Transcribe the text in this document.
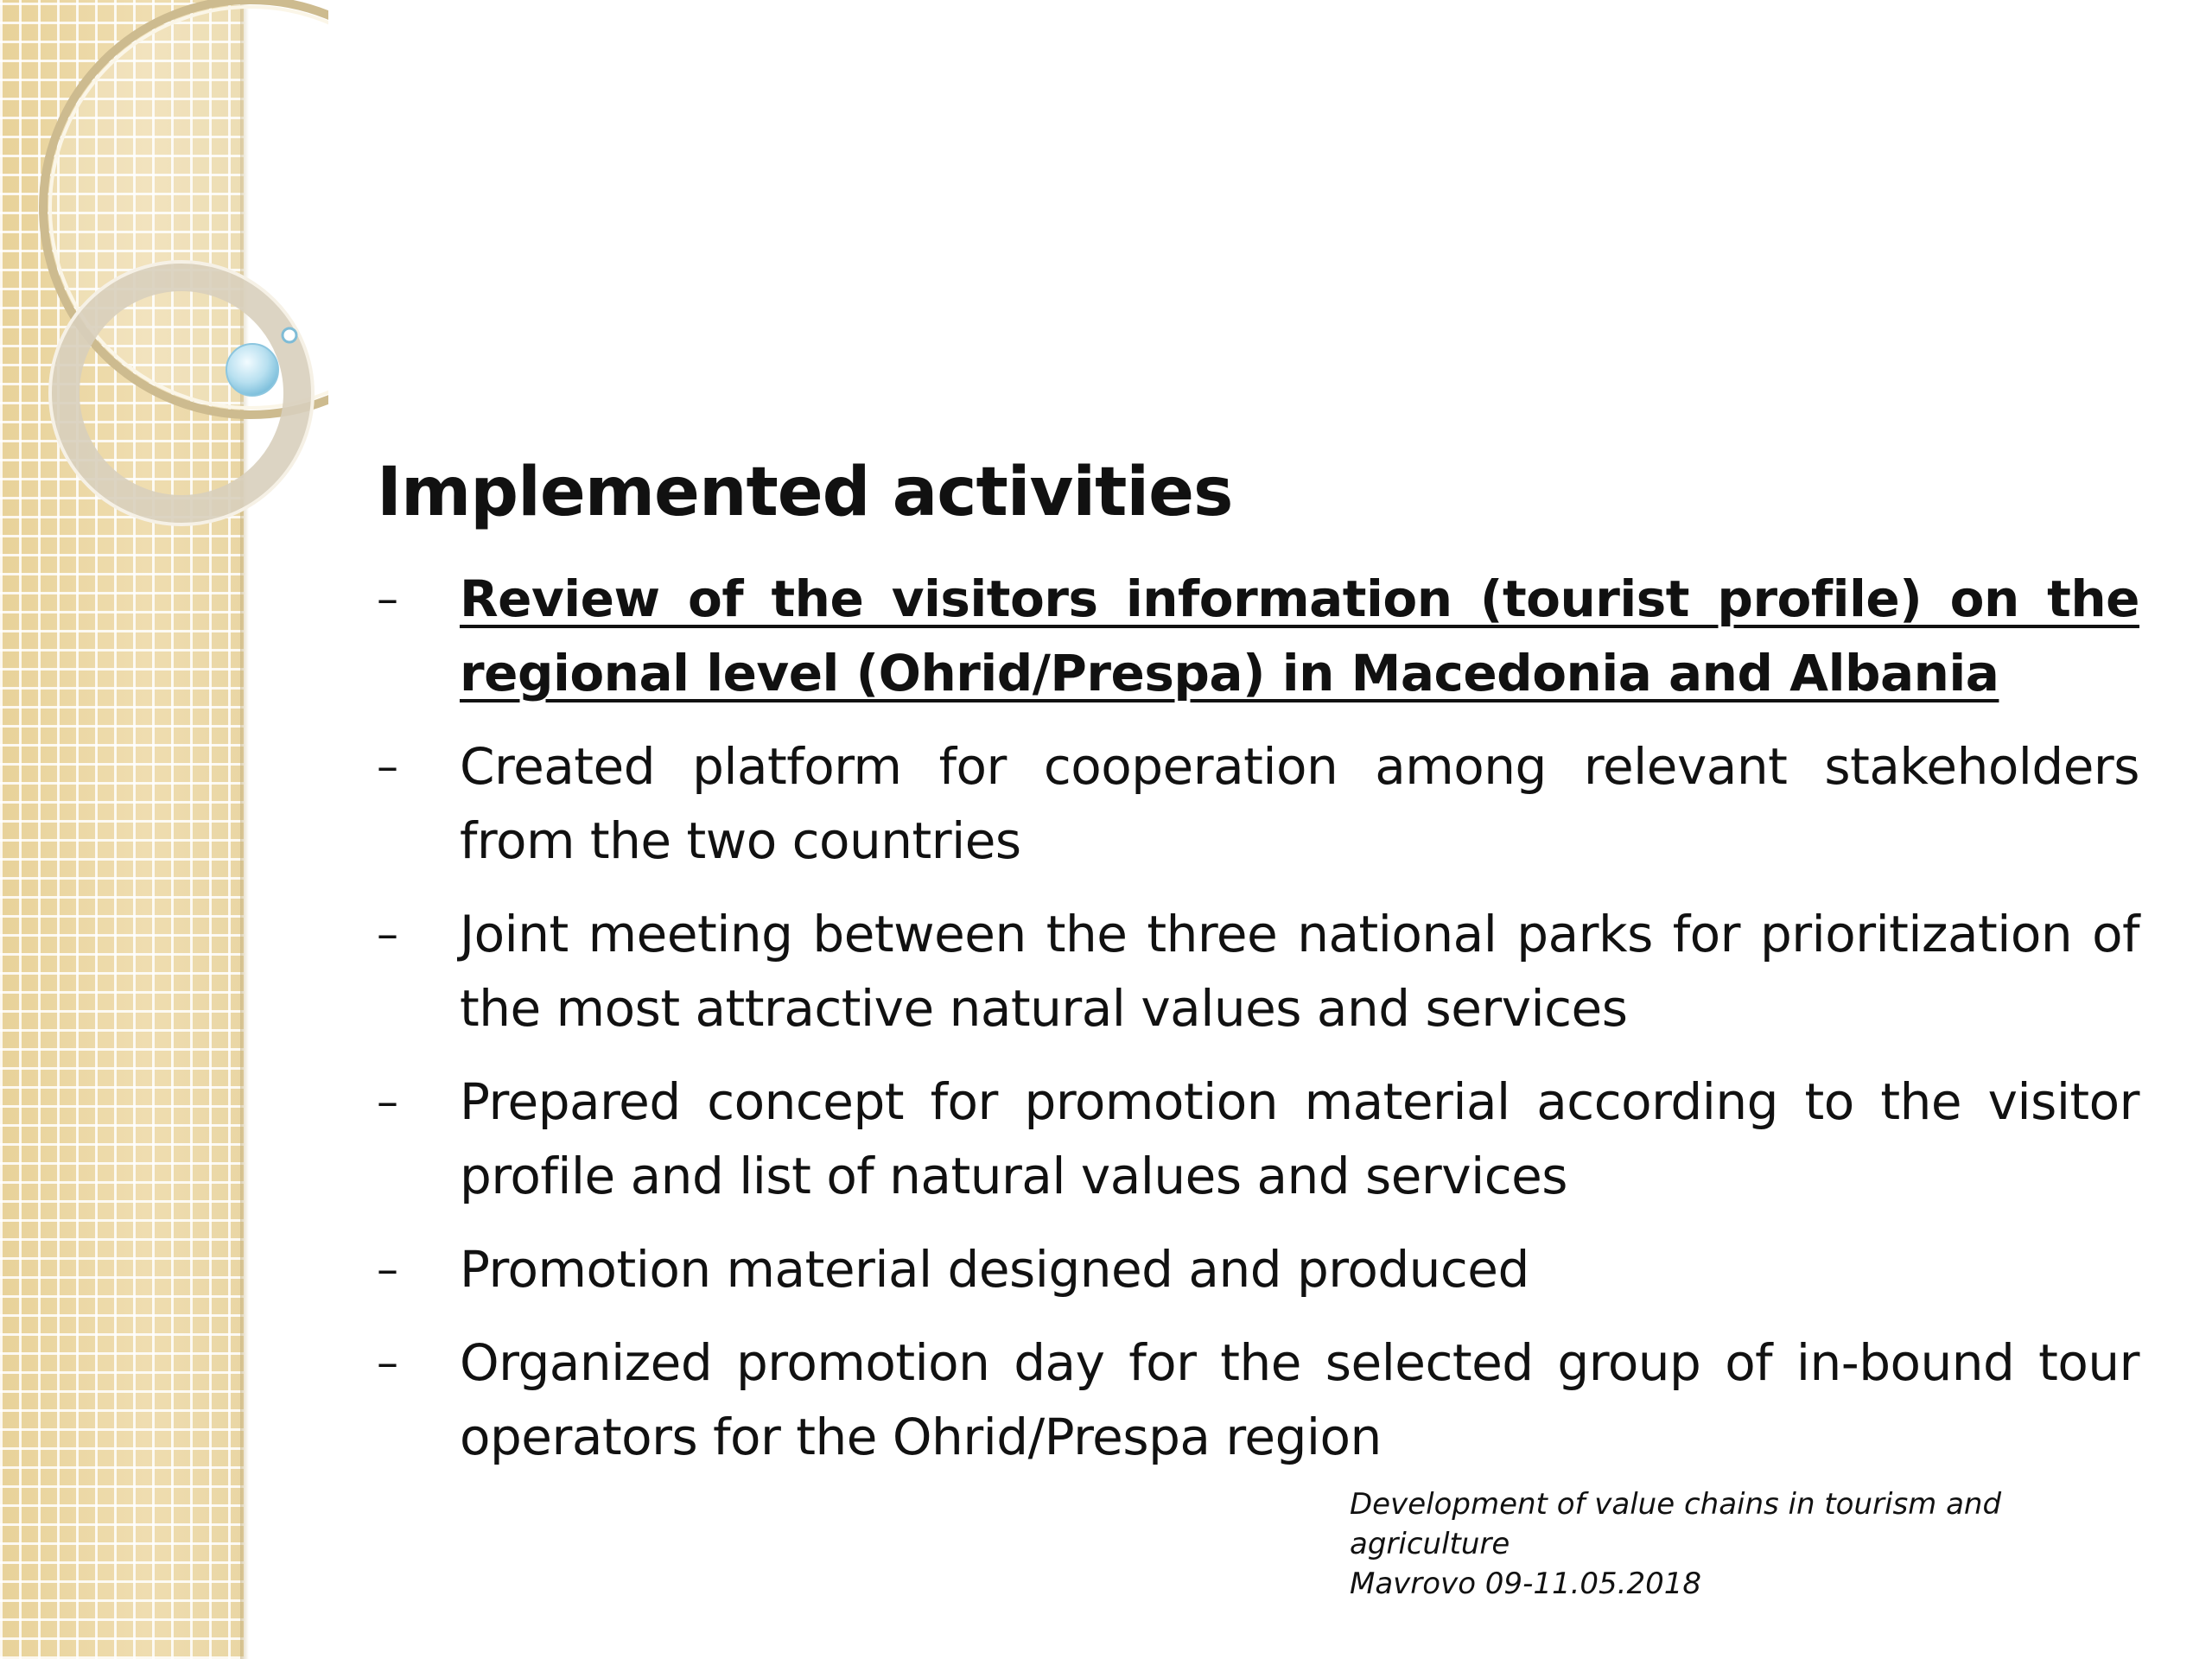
Implemented activities
– Review of the visitors information (tourist profile) on the regional level (Ohrid/Prespa) in Macedonia and Albania
– Created platform for cooperation among relevant stakeholders from the two countries
– Joint meeting between the three national parks for prioritization of the most attractive natural values and services
– Prepared concept for promotion material according to the visitor profile and list of natural values and services
– Promotion material designed and produced
– Organized promotion day for the selected group of in-bound tour operators for the Ohrid/Prespa region
Development of value chains in tourism and agriculture
Mavrovo 09-11.05.2018
